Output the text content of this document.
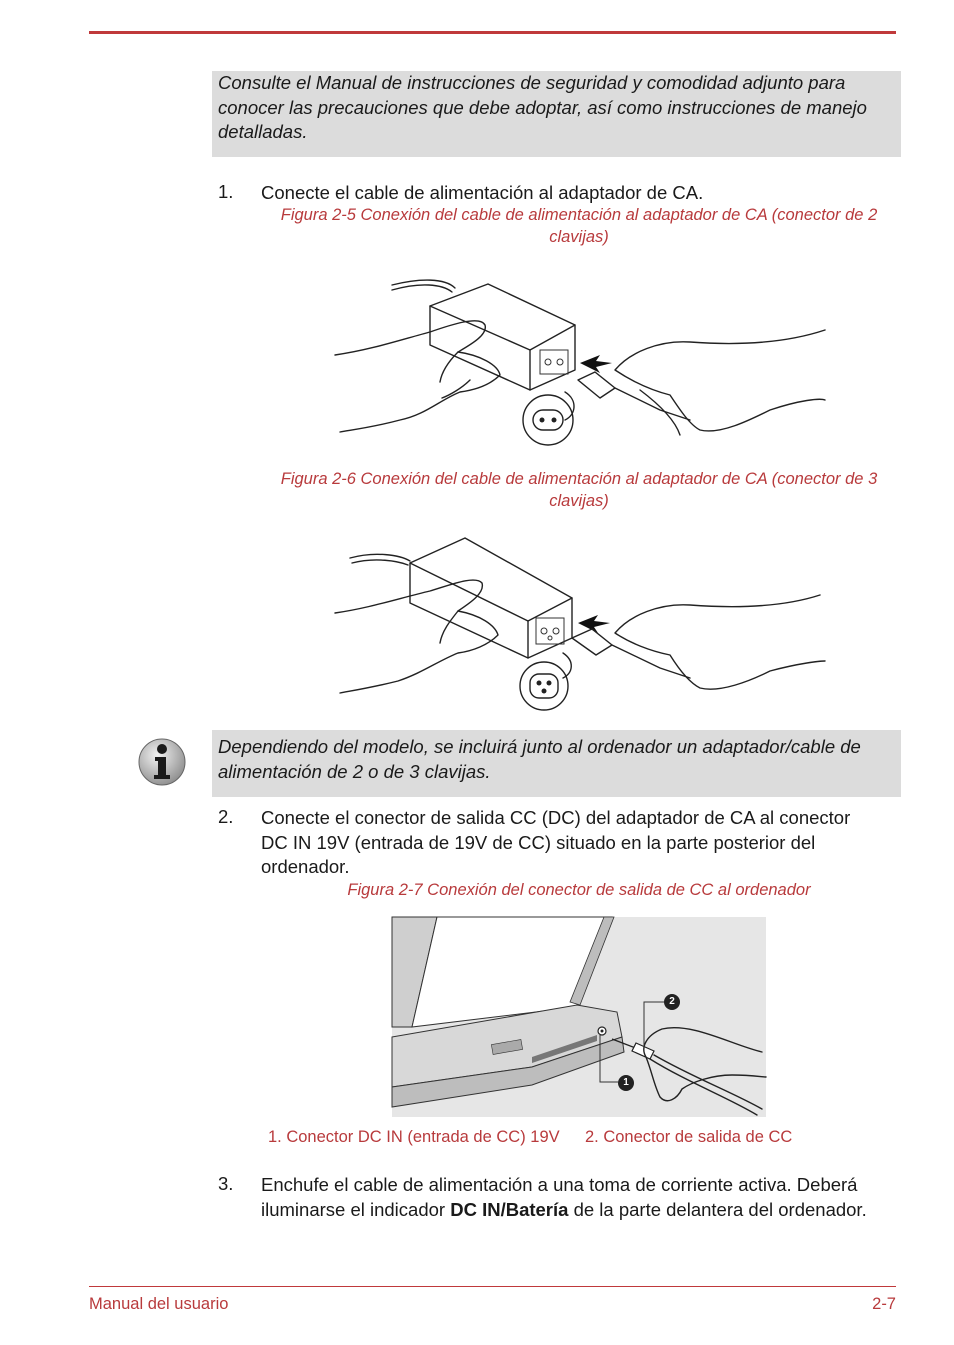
Consulte el Manual de instrucciones de seguridad y comodidad adjunto para conocer las precauciones que debe adoptar, así como instrucciones de manejo detalladas.
1. Conecte el cable de alimentación al adaptador de CA.
Figura 2-5 Conexión del cable de alimentación al adaptador de CA (conector de 2 clavijas)
Figura 2-6 Conexión del cable de alimentación al adaptador de CA (conector de 3 clavijas)
Dependiendo del modelo, se incluirá junto al ordenador un adaptador/cable de alimentación de 2 o de 3 clavijas.
2. Conecte el conector de salida CC (DC) del adaptador de CA al conector DC IN 19V (entrada de 19V de CC) situado en la parte posterior del ordenador.
Figura 2-7 Conexión del conector de salida de CC al ordenador
1
2
1. Conector DC IN (entrada de CC) 19V	2. Conector de salida de CC
3. Enchufe el cable de alimentación a una toma de corriente activa. Deberá iluminarse el indicador DC IN/Batería de la parte delantera del ordenador.
Manual del usuario	2-7
